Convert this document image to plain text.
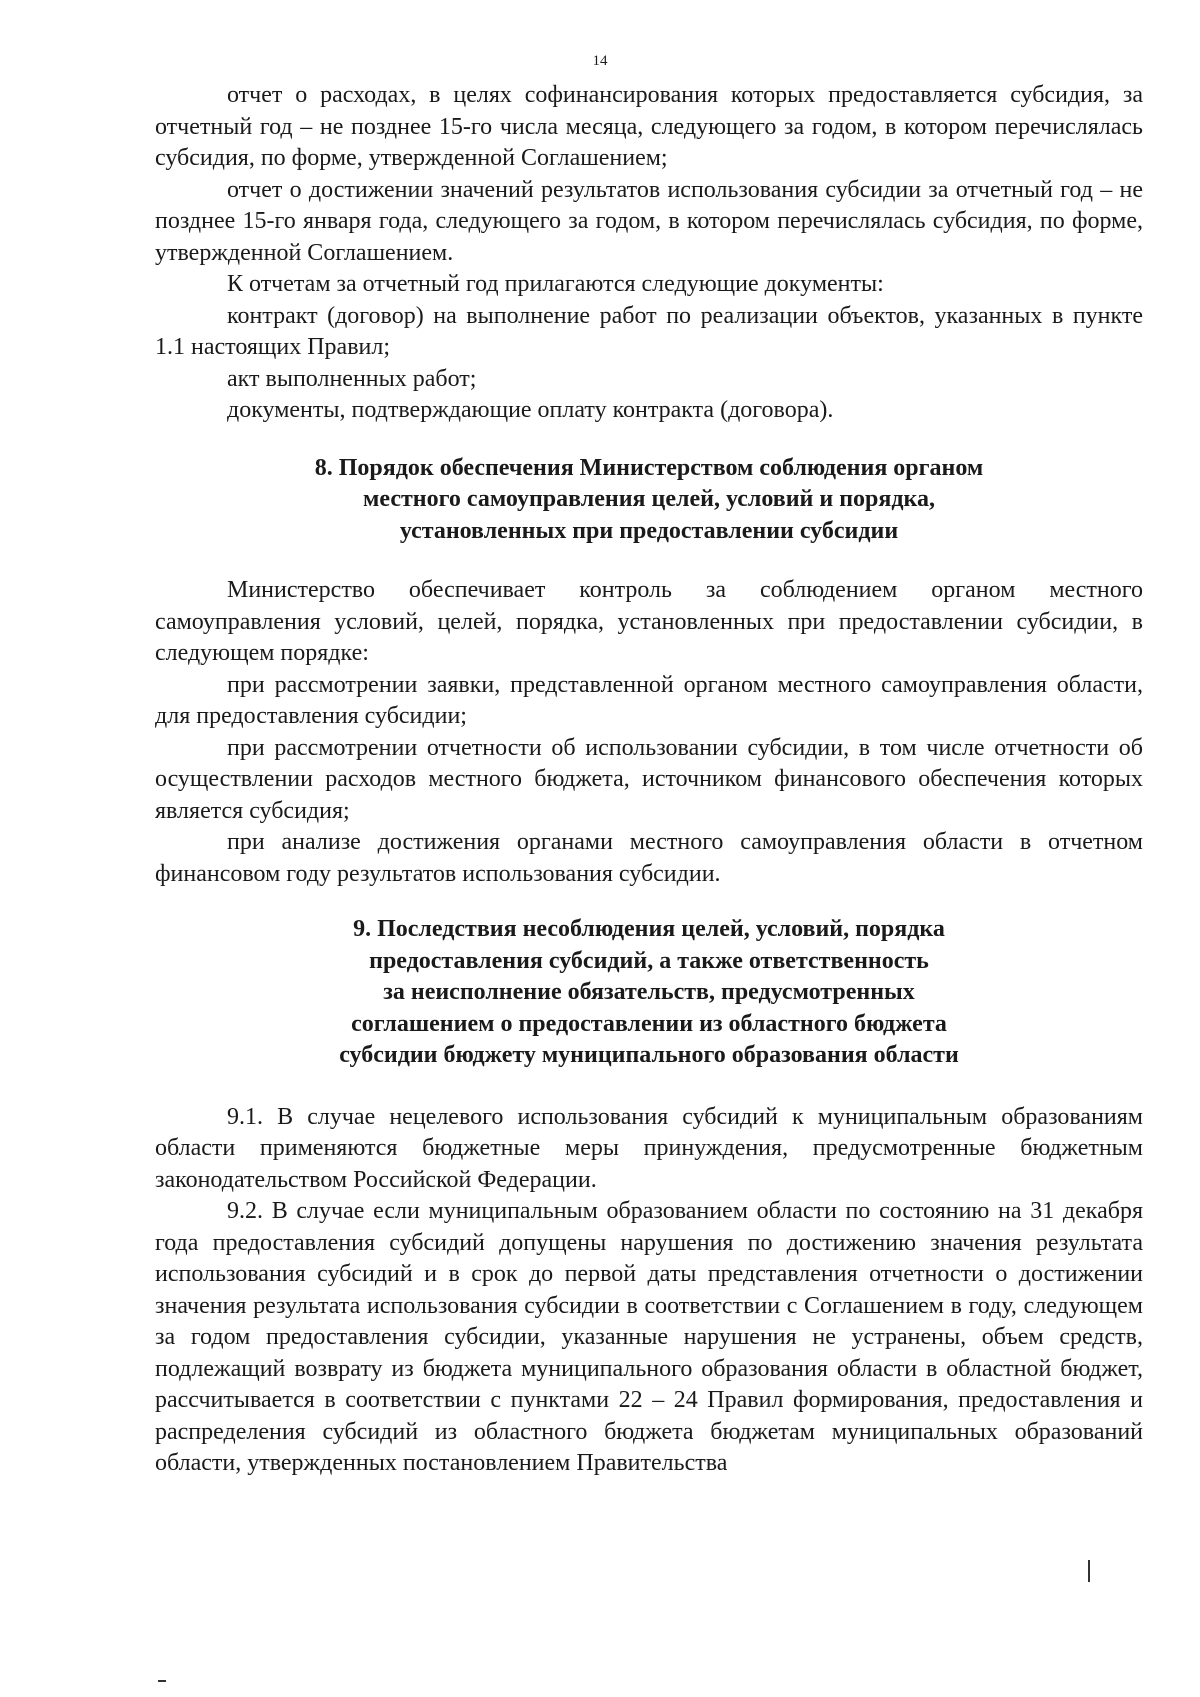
14

отчет о расходах, в целях софинансирования которых предоставляется субсидия, за отчетный год – не позднее 15-го числа месяца, следующего за годом, в котором перечислялась субсидия, по форме, утвержденной Соглашением;

отчет о достижении значений результатов использования субсидии за отчетный год – не позднее 15-го января года, следующего за годом, в котором перечислялась субсидия, по форме, утвержденной Соглашением.

К отчетам за отчетный год прилагаются следующие документы:

контракт (договор) на выполнение работ по реализации объектов, указанных в пункте 1.1 настоящих Правил;

акт выполненных работ;

документы, подтверждающие оплату контракта (договора).

8. Порядок обеспечения Министерством соблюдения органом
местного самоуправления целей, условий и порядка,
установленных при предоставлении субсидии

Министерство обеспечивает контроль за соблюдением органом местного самоуправления условий, целей, порядка, установленных при предоставлении субсидии, в следующем порядке:

при рассмотрении заявки, представленной органом местного самоуправления области, для предоставления субсидии;

при рассмотрении отчетности об использовании субсидии, в том числе отчетности об осуществлении расходов местного бюджета, источником финансового обеспечения которых является субсидия;

при анализе достижения органами местного самоуправления области в отчетном финансовом году результатов использования субсидии.

9. Последствия несоблюдения целей, условий, порядка
предоставления субсидий, а также ответственность
за неисполнение обязательств, предусмотренных
соглашением о предоставлении из областного бюджета
субсидии бюджету муниципального образования области

9.1. В случае нецелевого использования субсидий к муниципальным образованиям области применяются бюджетные меры принуждения, предусмотренные бюджетным законодательством Российской Федерации.

9.2. В случае если муниципальным образованием области по состоянию на 31 декабря года предоставления субсидий допущены нарушения по достижению значения результата использования субсидий и в срок до первой даты представления отчетности о достижении значения результата использования субсидии в соответствии с Соглашением в году, следующем за годом предоставления субсидии, указанные нарушения не устранены, объем средств, подлежащий возврату из бюджета муниципального образования области в областной бюджет, рассчитывается в соответствии с пунктами 22 – 24 Правил формирования, предоставления и распределения субсидий из областного бюджета бюджетам муниципальных образований области, утвержденных постановлением Правительства
